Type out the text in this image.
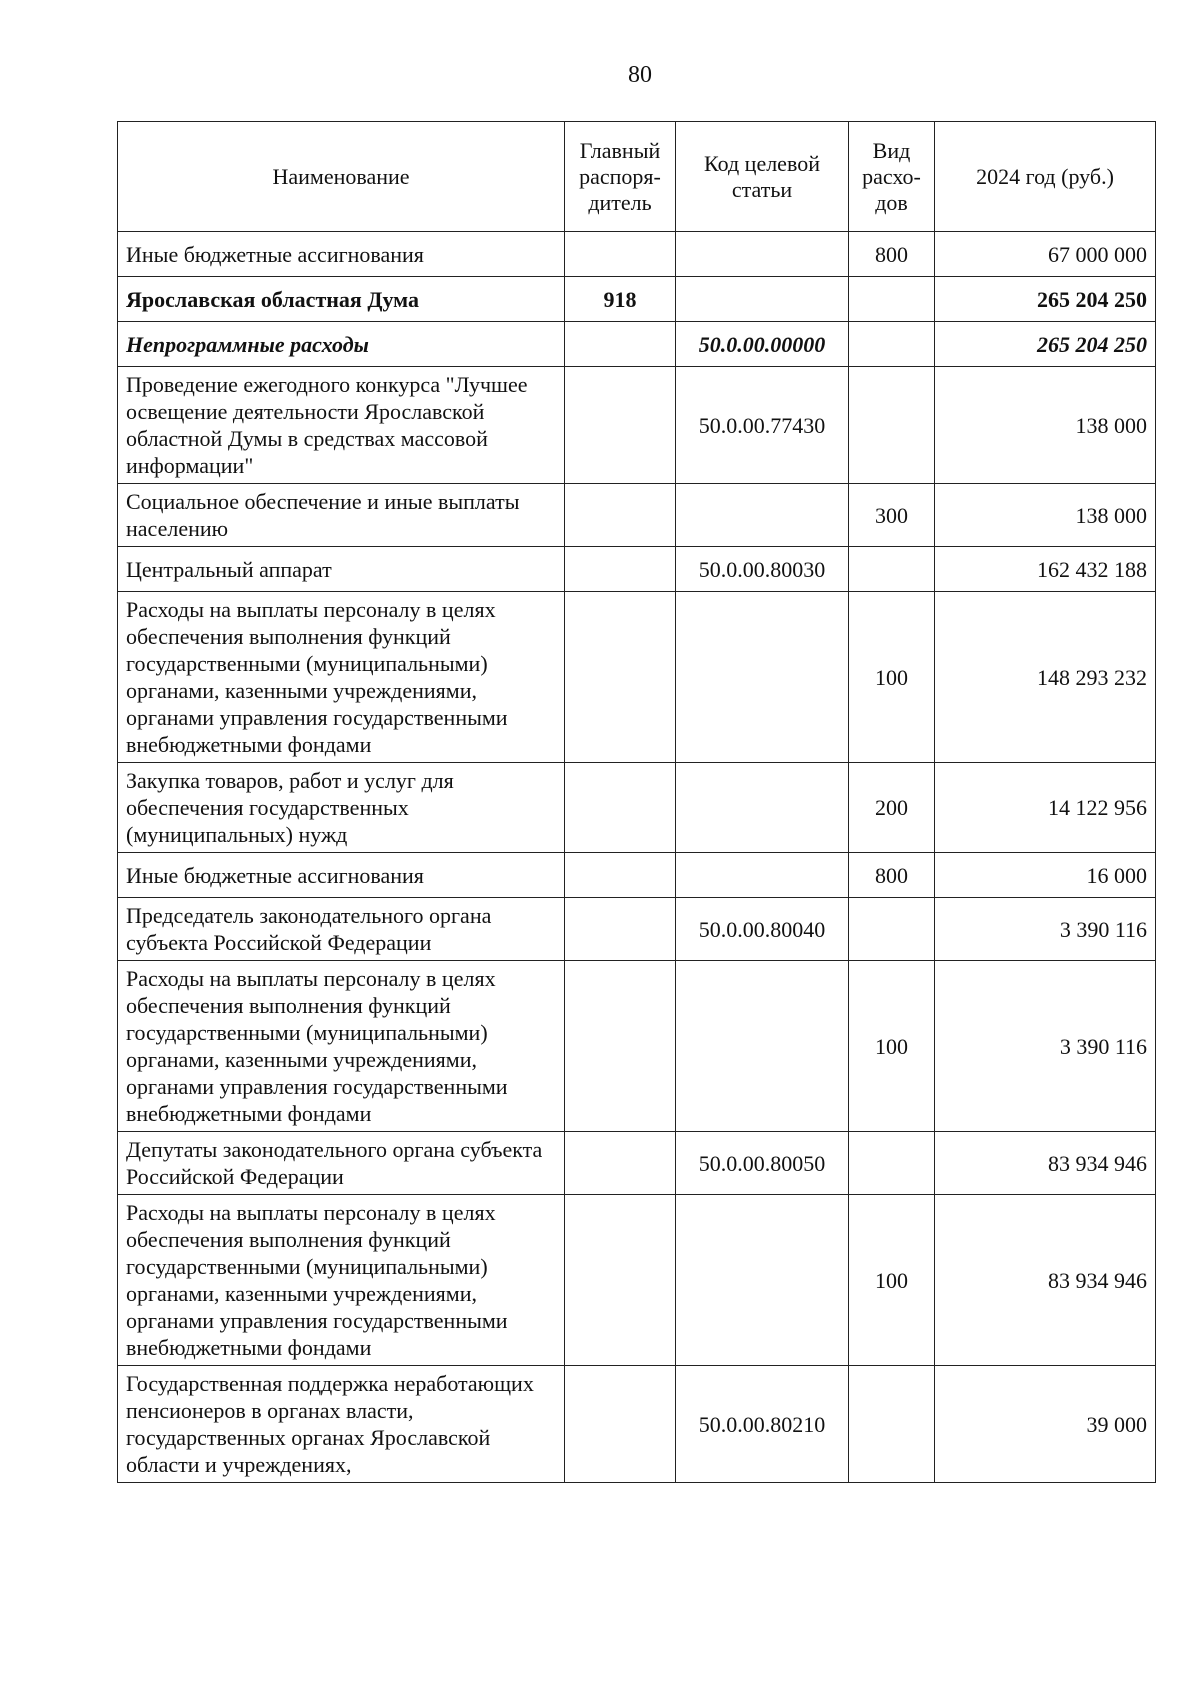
80
Наименование	Главный распоря-дитель	Код целевой статьи	Вид расхо-дов	2024 год (руб.)
Иные бюджетные ассигнования			800	67 000 000
Ярославская областная Дума	918			265 204 250
Непрограммные расходы		50.0.00.00000		265 204 250
Проведение ежегодного конкурса "Лучшее освещение деятельности Ярославской областной Думы в средствах массовой информации"		50.0.00.77430		138 000
Социальное обеспечение и иные выплаты населению			300	138 000
Центральный аппарат		50.0.00.80030		162 432 188
Расходы на выплаты персоналу в целях обеспечения выполнения функций государственными (муниципальными) органами, казенными учреждениями, органами управления государственными внебюджетными фондами			100	148 293 232
Закупка товаров, работ и услуг для обеспечения государственных (муниципальных) нужд			200	14 122 956
Иные бюджетные ассигнования			800	16 000
Председатель законодательного органа субъекта Российской Федерации		50.0.00.80040		3 390 116
Расходы на выплаты персоналу в целях обеспечения выполнения функций государственными (муниципальными) органами, казенными учреждениями, органами управления государственными внебюджетными фондами			100	3 390 116
Депутаты законодательного органа субъекта Российской Федерации		50.0.00.80050		83 934 946
Расходы на выплаты персоналу в целях обеспечения выполнения функций государственными (муниципальными) органами, казенными учреждениями, органами управления государственными внебюджетными фондами			100	83 934 946
Государственная поддержка неработающих пенсионеров в органах власти, государственных органах Ярославской области и учреждениях,		50.0.00.80210		39 000
